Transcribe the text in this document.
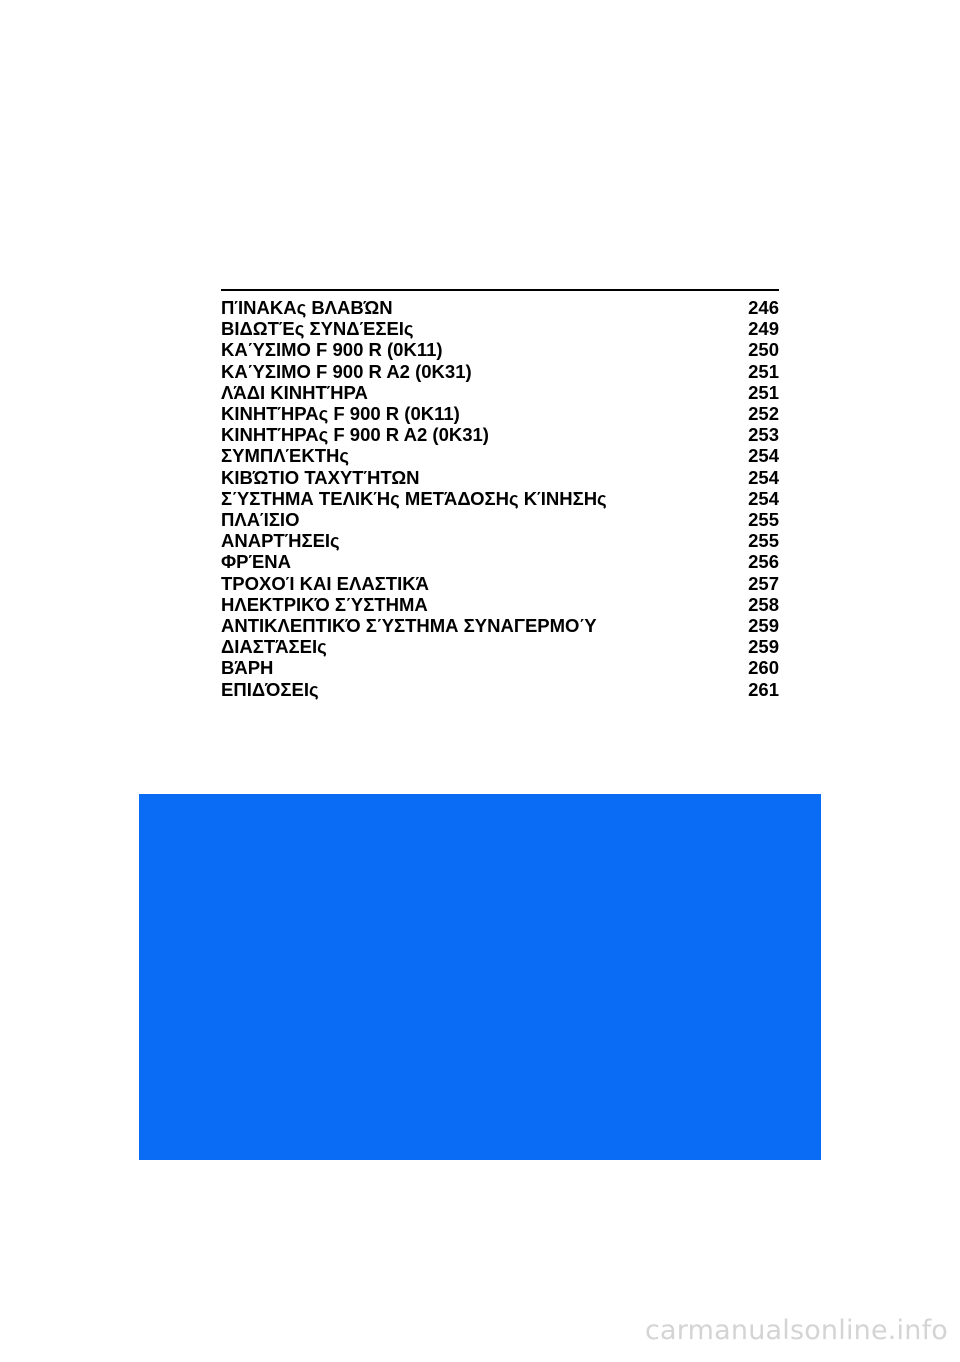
ΠΊΝΑΚΑς ΒΛΑΒΏΝ	246
ΒΙΔΩΤΈς ΣΥΝΔΈΣΕΙς	249
ΚΑΎΣΙΜΟ F 900 R (0K11)	250
ΚΑΎΣΙΜΟ F 900 R A2 (0K31)	251
ΛΆΔΙ ΚΙΝΗΤΉΡΑ	251
ΚΙΝΗΤΉΡΑς F 900 R (0K11)	252
ΚΙΝΗΤΉΡΑς F 900 R A2 (0K31)	253
ΣΥΜΠΛΈΚΤΗς	254
ΚΙΒΏΤΙΟ ΤΑΧΥΤΉΤΩΝ	254
ΣΎΣΤΗΜΑ ΤΕΛΙΚΉς ΜΕΤΆΔΟΣΗς ΚΊΝΗΣΗς	254
ΠΛΑΊΣΙΟ	255
ΑΝΑΡΤΉΣΕΙς	255
ΦΡΈΝΑ	256
ΤΡΟΧΟΊ ΚΑΙ ΕΛΑΣΤΙΚΆ	257
ΗΛΕΚΤΡΙΚΌ ΣΎΣΤΗΜΑ	258
ΑΝΤΙΚΛΕΠΤΙΚΌ ΣΎΣΤΗΜΑ ΣΥΝΑΓΕΡΜΟΎ	259
ΔΙΑΣΤΆΣΕΙς	259
ΒΆΡΗ	260
ΕΠΙΔΌΣΕΙς	261
carmanualsonline.info
